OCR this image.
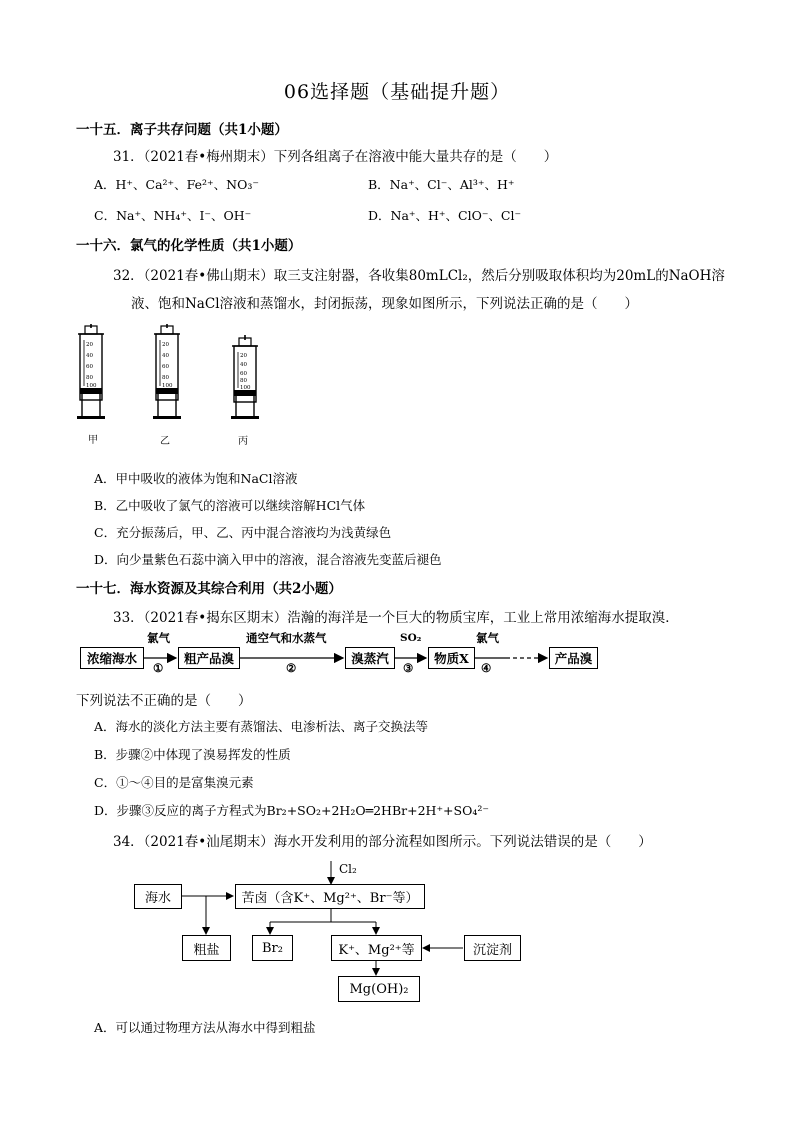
06选择题（基础提升题）
一十五．离子共存问题（共1小题）
31．（2021春•梅州期末）下列各组离子在溶液中能大量共存的是（　　）
A．H⁺、Ca²⁺、Fe²⁺、NO₃⁻	B．Na⁺、Cl⁻、Al³⁺、H⁺
C．Na⁺、NH₄⁺、I⁻、OH⁻	D．Na⁺、H⁺、ClO⁻、Cl⁻
一十六．氯气的化学性质（共1小题）
32．（2021春•佛山期末）取三支注射器，各收集80mLCl₂，然后分别吸取体积均为20mL的NaOH溶
液、饱和NaCl溶液和蒸馏水，封闭振荡，现象如图所示，下列说法正确的是（　　）
20
40
60
80
100
20
40
60
80
100
20
40
60
80
100
甲	乙	丙
A．甲中吸收的液体为饱和NaCl溶液
B．乙中吸收了氯气的溶液可以继续溶解HCl气体
C．充分振荡后，甲、乙、丙中混合溶液均为浅黄绿色
D．向少量紫色石蕊中滴入甲中的溶液，混合溶液先变蓝后褪色
一十七．海水资源及其综合利用（共2小题）
33．（2021春•揭东区期末）浩瀚的海洋是一个巨大的物质宝库，工业上常用浓缩海水提取溴．
浓缩海水	粗产品溴	溴蒸汽	物质X	产品溴
氯气
①
通空气和水蒸气
②
SO₂
③
氯气
④
下列说法不正确的是（　　）
A．海水的淡化方法主要有蒸馏法、电渗析法、离子交换法等
B．步骤②中体现了溴易挥发的性质
C．①～④目的是富集溴元素
D．步骤③反应的离子方程式为Br₂+SO₂+2H₂O═2HBr+2H⁺+SO₄²⁻
34．（2021春•汕尾期末）海水开发利用的部分流程如图所示。下列说法错误的是（　　）
Cl₂
海水	苦卤（含K⁺、Mg²⁺、Br⁻等）
粗盐	Br₂	K⁺、Mg²⁺等	沉淀剂
Mg(OH)₂
A．可以通过物理方法从海水中得到粗盐
